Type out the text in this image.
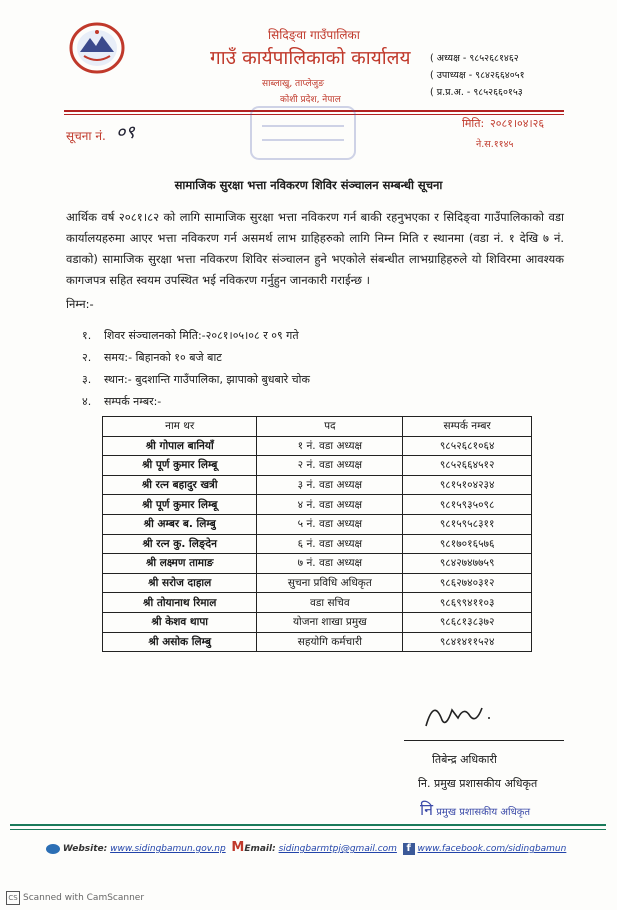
सिदिङ्वा गाउँपालिका
गाउँ कार्यपालिकाको कार्यालय
साब्लाखु, ताप्लेजुङ
कोशी प्रदेश, नेपाल
( अध्यक्ष - ९८५२६८१४६२
( उपाध्यक्ष - ९८४२६६४०५१
( प्र.प्र.अ. - ९८५२६६०१५३
सूचना नं. ०९	मिति: २०८१।०४।२६
ने.स.११४५
सामाजिक सुरक्षा भत्ता नविकरण शिविर संञ्चालन सम्बन्धी सूचना
आर्थिक वर्ष २०८१।८२ को लागि सामाजिक सुरक्षा भत्ता नविकरण गर्न बाकी रहनुभएका र सिदिङ्वा गाउँपालिकाको वडा कार्यालयहरुमा आएर भत्ता नविकरण गर्न असमर्थ लाभ ग्राहिहरुको लागि निम्न मिति र स्थानमा (वडा नं. १ देखि ७ नं. वडाको) सामाजिक सुरक्षा भत्ता नविकरण शिविर संञ्चालन हुने भएकोले संबन्धीत लाभग्राहिहरुले यो शिविरमा आवश्यक कागजपत्र सहित स्वयम उपस्थित भई नविकरण गर्नुहुन जानकारी गराईन्छ ।
निम्न:-
१. शिवर संञ्चालनको मिति:-२०८१।०५।०८ र ०९ गते
२. समय:- बिहानको १० बजे बाट
३. स्थान:- बुदशान्ति गाउँपालिका, झापाको बुधबारे चोक
४. सम्पर्क नम्बर:-
नाम थर	पद	सम्पर्क नम्बर
श्री गोपाल बानियाँ	१ नं. वडा अध्यक्ष	९८५२६८१०६४
श्री पूर्ण कुमार लिम्बू	२ नं. वडा अध्यक्ष	९८५२६६४५१२
श्री रत्न बहादुर खत्री	३ नं. वडा अध्यक्ष	९८१५१०४२३४
श्री पूर्ण कुमार लिम्बू	४ नं. वडा अध्यक्ष	९८१५९३५०९८
श्री अम्बर ब. लिम्बु	५ नं. वडा अध्यक्ष	९८१५९५८३११
श्री रत्न कु. लिङ्देन	६ नं. वडा अध्यक्ष	९८१७०१६५७६
श्री लक्ष्मण तामाङ	७ नं. वडा अध्यक्ष	९८४२७४७७५९
श्री सरोज दाहाल	सुचना प्रविधि अधिकृत	९८६२७४०३१२
श्री तोयानाथ रिमाल	वडा सचिव	९८६९९४११०३
श्री केशव थापा	योजना शाखा प्रमुख	९८६८१३८३७२
श्री असोक लिम्बु	सहयोगि कर्मचारी	९८४१४११५२४
तिबेन्द्र अधिकारी
नि. प्रमुख प्रशासकीय अधिकृत
नि प्रमुख प्रशासकीय अधिकृत
Website: www.sidingbamun.gov.np MEmail: sidingbarmtpj@gmail.com f www.facebook.com/sidingbamun
CS Scanned with CamScanner
